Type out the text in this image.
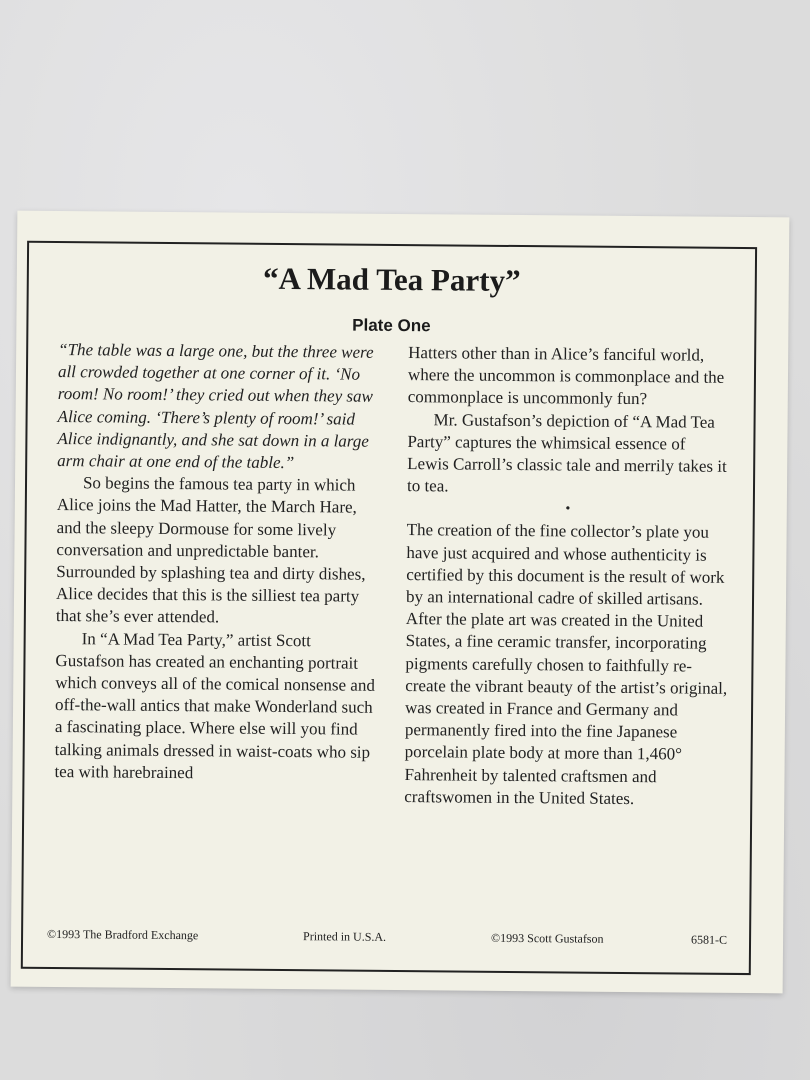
“A Mad Tea Party”
Plate One

“The table was a large one, but the three were all crowded together at one corner of it. ‘No room! No room!’ they cried out when they saw Alice coming. ‘There’s plenty of room!’ said Alice indignantly, and she sat down in a large arm chair at one end of the table.”

So begins the famous tea party in which Alice joins the Mad Hatter, the March Hare, and the sleepy Dormouse for some lively conversation and unpredictable banter. Surrounded by splashing tea and dirty dishes, Alice decides that this is the silliest tea party that she’s ever attended.

In “A Mad Tea Party,” artist Scott Gustafson has created an enchanting portrait which conveys all of the comical nonsense and off-the-wall antics that make Wonderland such a fascinating place. Where else will you find talking animals dressed in waist-coats who sip tea with harebrained

Hatters other than in Alice’s fanciful world, where the uncommon is commonplace and the commonplace is uncommonly fun?

Mr. Gustafson’s depiction of “A Mad Tea Party” captures the whimsical essence of Lewis Carroll’s classic tale and merrily takes it to tea.

•

The creation of the fine collector’s plate you have just acquired and whose authenticity is certified by this document is the result of work by an international cadre of skilled artisans. After the plate art was created in the United States, a fine ceramic transfer, incorporating pigments carefully chosen to faithfully re-create the vibrant beauty of the artist’s original, was created in France and Germany and permanently fired into the fine Japanese porcelain plate body at more than 1,460° Fahrenheit by talented craftsmen and craftswomen in the United States.

©1993 The Bradford Exchange	Printed in U.S.A.	©1993 Scott Gustafson	6581-C
